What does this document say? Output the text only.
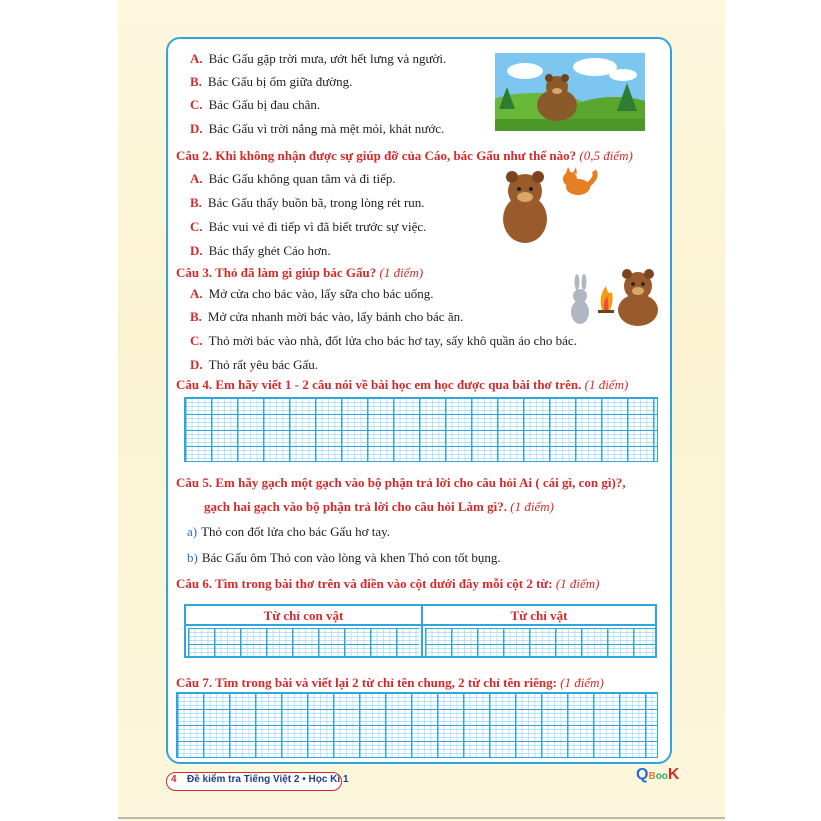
A. Bác Gấu gặp trời mưa, ướt hết lưng và người.
B. Bác Gấu bị ốm giữa đường.
C. Bác Gấu bị đau chân.
D. Bác Gấu vì trời nắng mà mệt mỏi, khát nước.
Câu 2. Khi không nhận được sự giúp đỡ của Cáo, bác Gấu như thế nào? (0,5 điểm)
A. Bác Gấu không quan tâm và đi tiếp.
B. Bác Gấu thấy buồn bã, trong lòng rét run.
C. Bác vui vẻ đi tiếp vì đã biết trước sự việc.
D. Bác thấy ghét Cáo hơn.
Câu 3. Thỏ đã làm gì giúp bác Gấu? (1 điểm)
A. Mở cửa cho bác vào, lấy sữa cho bác uống.
B. Mở cửa nhanh mời bác vào, lấy bánh cho bác ăn.
C. Thỏ mời bác vào nhà, đốt lửa cho bác hơ tay, sấy khô quần áo cho bác.
D. Thỏ rất yêu bác Gấu.
Câu 4. Em hãy viết 1 - 2 câu nói về bài học em học được qua bài thơ trên. (1 điểm)
Câu 5. Em hãy gạch một gạch vào bộ phận trả lời cho câu hỏi Ai ( cái gì, con gì)?,
gạch hai gạch vào bộ phận trả lời cho câu hỏi Làm gì?. (1 điểm)
a) Thỏ con đốt lửa cho bác Gấu hơ tay.
b) Bác Gấu ôm Thỏ con vào lòng và khen Thỏ con tốt bụng.
Câu 6. Tìm trong bài thơ trên và điền vào cột dưới đây mỗi cột 2 từ: (1 điểm)
Từ chỉ con vật	Từ chỉ vật
Câu 7. Tìm trong bài và viết lại 2 từ chỉ tên chung, 2 từ chỉ tên riêng: (1 điểm)
4 Đề kiểm tra Tiếng Việt 2 • Học Kì 1	QBooK
